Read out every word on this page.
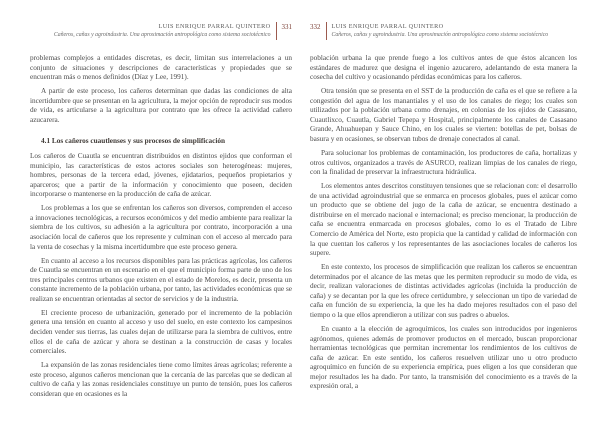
LUIS ENRIQUE PARRAL QUINTERO
Cañeros, cañas y agroindustria. Una aproximación antropológica como sistema sociotécnico
331

problemas complejos a entidades discretas, es decir, limitan sus interrelaciones a un conjunto de situaciones y descripciones de características y propiedades que se encuentran más o menos definidos (Díaz y Lee, 1991).

A partir de este proceso, los cañeros determinan que dadas las condiciones de alta incertidumbre que se presentan en la agricultura, la mejor opción de reproducir sus modos de vida, es articularse a la agricultura por contrato que les ofrece la actividad cañero azucarera.

4.1 Los cañeros cuautlenses y sus procesos de simplificación

Los cañeros de Cuautla se encuentran distribuidos en distintos ejidos que conforman el municipio, las características de estos actores sociales son heterogéneas: mujeres, hombres, personas de la tercera edad, jóvenes, ejidatarios, pequeños propietarios y aparceros; que a partir de la información y conocimiento que poseen, deciden incorporarse o mantenerse en la producción de caña de azúcar.

Los problemas a los que se enfrentan los cañeros son diversos, comprenden el acceso a innovaciones tecnológicas, a recursos económicos y del medio ambiente para realizar la siembra de los cultivos, su adhesión a la agricultura por contrato, incorporación a una asociación local de cañeros que los represente y culminan con el acceso al mercado para la venta de cosechas y la misma incertidumbre que este proceso genera.

En cuanto al acceso a los recursos disponibles para las prácticas agrícolas, los cañeros de Cuautla se encuentran en un escenario en el que el municipio forma parte de uno de los tres principales centros urbanos que existen en el estado de Morelos, es decir, presenta un constante incremento de la población urbana, por tanto, las actividades económicas que se realizan se encuentran orientadas al sector de servicios y de la industria.

El creciente proceso de urbanización, generado por el incremento de la población genera una tensión en cuanto al acceso y uso del suelo, en este contexto los campesinos deciden vender sus tierras, las cuales dejan de utilizarse para la siembra de cultivos, entre ellos el de caña de azúcar y ahora se destinan a la construcción de casas y locales comerciales.

La expansión de las zonas residenciales tiene como límites áreas agrícolas; referente a este proceso, algunos cañeros mencionan que la cercanía de las parcelas que se dedican al cultivo de caña y las zonas residenciales constituye un punto de tensión, pues los cañeros consideran que en ocasiones es la

332 LUIS ENRIQUE PARRAL QUINTERO
Cañeros, cañas y agroindustria. Una aproximación antropológica como sistema sociotécnico

población urbana la que prende fuego a los cultivos antes de que éstos alcancen los estándares de madurez que designa el ingenio azucarero, adelantando de esta manera la cosecha del cultivo y ocasionando pérdidas económicas para los cañeros.

Otra tensión que se presenta en el SST de la producción de caña es el que se refiere a la congestión del agua de los manantiales y el uso de los canales de riego; los cuales son utilizados por la población urbana como drenajes, en colonias de los ejidos de Casasano, Cuautlixco, Cuautla, Gabriel Tepepa y Hospital, principalmente los canales de Casasano Grande, Ahuahuepan y Sauce Chino, en los cuales se vierten: botellas de pet, bolsas de basura y en ocasiones, se observan tubos de drenaje conectados al canal.

Para solucionar los problemas de contaminación, los productores de caña, hortalizas y otros cultivos, organizados a través de ASURCO, realizan limpias de los canales de riego, con la finalidad de preservar la infraestructura hidráulica.

Los elementos antes descritos constituyen tensiones que se relacionan con: el desarrollo de una actividad agroindustrial que se enmarca en procesos globales, pues el azúcar como un producto que se obtiene del jugo de la caña de azúcar, se encuentra destinado a distribuirse en el mercado nacional e internacional; es preciso mencionar, la producción de caña se encuentra enmarcada en procesos globales, como lo es el Tratado de Libre Comercio de América del Norte, esto propicia que la cantidad y calidad de información con la que cuentan los cañeros y los representantes de las asociaciones locales de cañeros los supere.

En este contexto, los procesos de simplificación que realizan los cañeros se encuentran determinados por el alcance de las metas que les permiten reproducir su modo de vida, es decir, realizan valoraciones de distintas actividades agrícolas (incluida la producción de caña) y se decantan por la que les ofrece certidumbre, y seleccionan un tipo de variedad de caña en función de su experiencia, la que les ha dado mejores resultados con el paso del tiempo o la que ellos aprendieron a utilizar con sus padres o abuelos.

En cuanto a la elección de agroquímicos, los cuales son introducidos por ingenieros agrónomos, quienes además de promover productos en el mercado, buscan proporcionar herramientas tecnológicas que permitan incrementar los rendimientos de los cultivos de caña de azúcar. En este sentido, los cañeros resuelven utilizar uno u otro producto agroquímico en función de su experiencia empírica, pues eligen a los que consideran que mejor resultados les ha dado. Por tanto, la transmisión del conocimiento es a través de la expresión oral, a
